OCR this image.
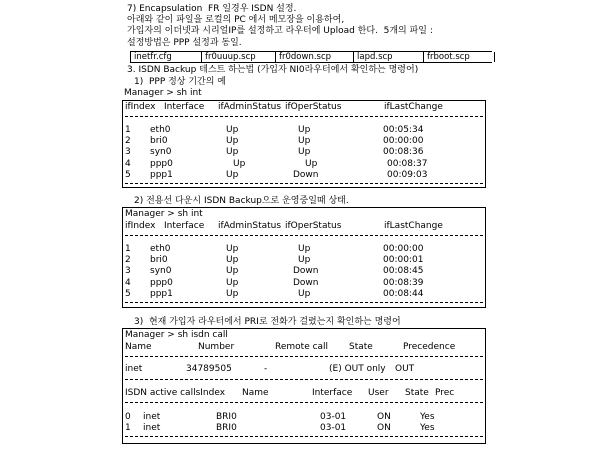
7) Encapsulation  FR 일경우 ISDN 설정.
아래와 같이 파일을 로컬의 PC 에서 메모장을 이용하여,
가입자의 이더넷과 시리얼IP를 설정하고 라우터에 Upload 한다.  5개의 파일 :
설정방법은 PPP 설정과 동일.
inetfr.cfg	fr0uuup.scp	fr0down.scp	lapd.scp	frboot.scp
3. ISDN Backup 테스트 하는법 (가입자 NI0라우터에서 확인하는 명령어)
1)  PPP 정상 기간의 예
Manager > sh int
ifIndex Interface ifAdminStatus ifOperStatus	ifLastChange
1 eth0	Up	Up	00:05:34
2 bri0	Up	Up	00:00:00
3 syn0	Up	Up	00:08:36
4 ppp0	Up	Up	00:08:37
5 ppp1	Up	Down	00:09:03
2) 전용선 다운시 ISDN Backup으로 운영중일때 상태.
Manager > sh int
ifIndex Interface ifAdminStatus ifOperStatus	ifLastChange
1 eth0	Up	Up	00:00:00
2 bri0	Up	Up	00:00:01
3 syn0	Up	Down	00:08:45
4 ppp0	Up	Down	00:08:39
5 ppp1	Up	Up	00:08:44
3)  현재 가입자 라우터에서 PRI로 전화가 걸렸는지 확인하는 명령어
Manager > sh isdn call
Name	Number	Remote call State	Precedence
inet	34789505	-	(E) OUT only OUT
ISDN active callsIndex Name	Interface User State Prec
0 inet	BRI0	03-01	ON	Yes
1 inet	BRI0	03-01	ON	Yes
